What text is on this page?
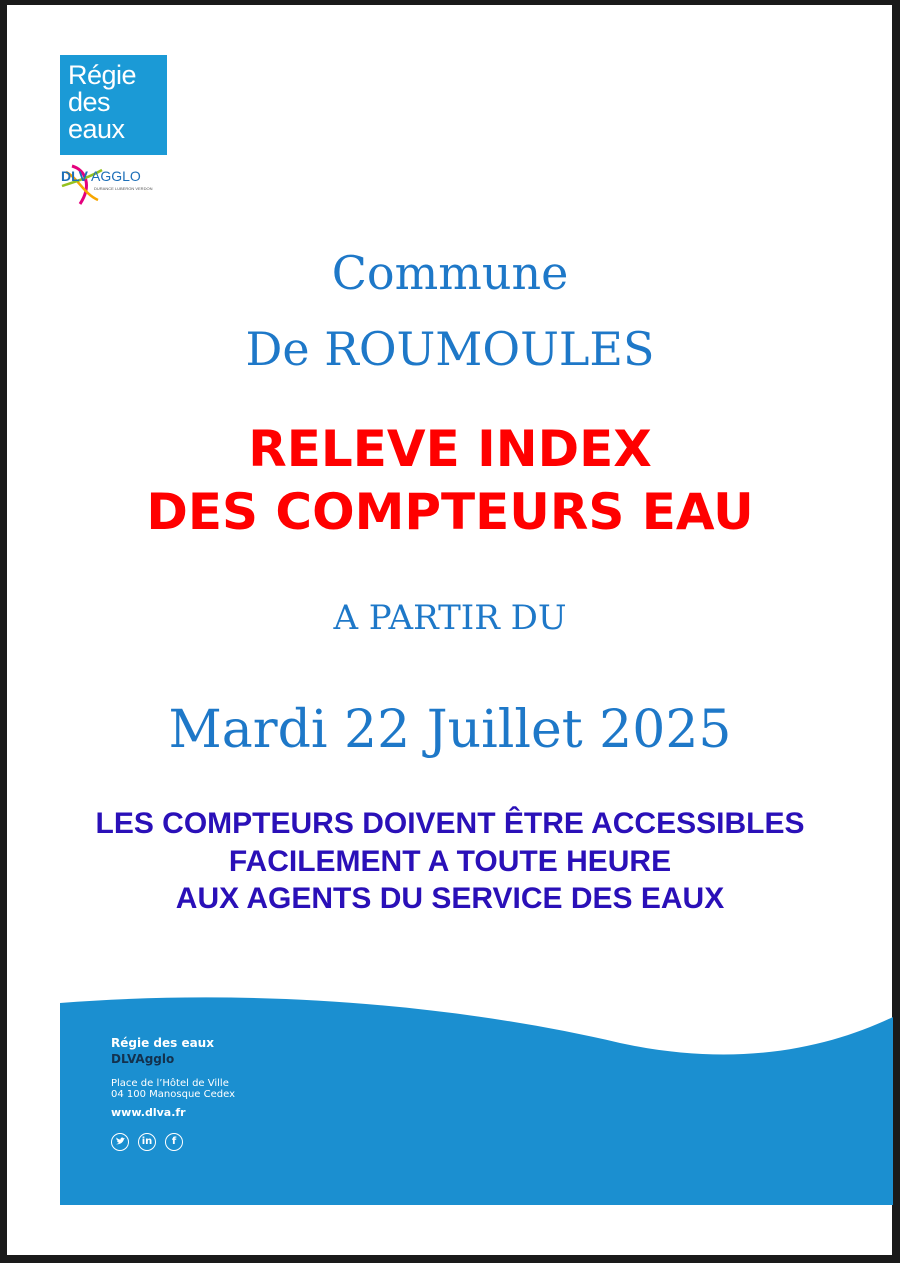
Régie
des
eaux
DLV AGGLO
DURANCE LUBERON VERDON
Commune
De ROUMOULES
RELEVE INDEX
DES COMPTEURS EAU
A PARTIR DU
Mardi 22 Juillet 2025
LES COMPTEURS DOIVENT ÊTRE ACCESSIBLES
FACILEMENT A TOUTE HEURE
AUX AGENTS DU SERVICE DES EAUX
Régie des eaux
DLVAgglo
Place de l’Hôtel de Ville
04 100 Manosque Cedex
www.dlva.fr
in	f
